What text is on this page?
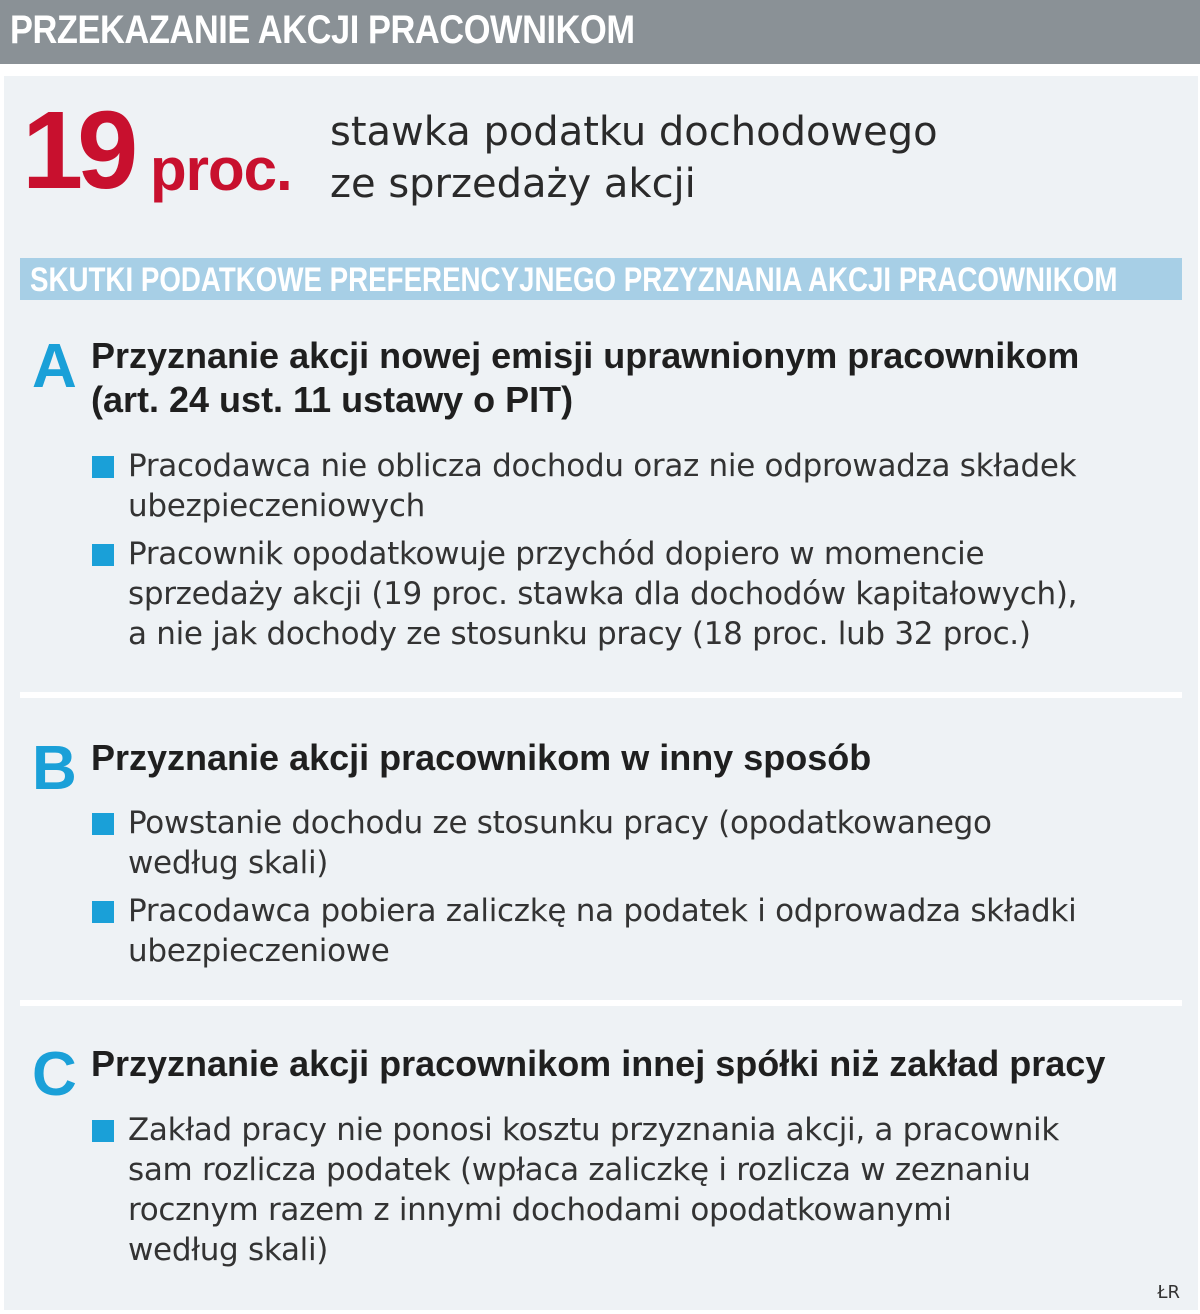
PRZEKAZANIE AKCJI PRACOWNIKOM
19 proc.
stawka podatku dochodowego
ze sprzedaży akcji
SKUTKI PODATKOWE PREFERENCYJNEGO PRZYZNANIA AKCJI PRACOWNIKOM
A Przyznanie akcji nowej emisji uprawnionym pracownikom
(art. 24 ust. 11 ustawy o PIT)
Pracodawca nie oblicza dochodu oraz nie odprowadza składek
ubezpieczeniowych
Pracownik opodatkowuje przychód dopiero w momencie
sprzedaży akcji (19 proc. stawka dla dochodów kapitałowych),
a nie jak dochody ze stosunku pracy (18 proc. lub 32 proc.)
B Przyznanie akcji pracownikom w inny sposób
Powstanie dochodu ze stosunku pracy (opodatkowanego
według skali)
Pracodawca pobiera zaliczkę na podatek i odprowadza składki
ubezpieczeniowe
C Przyznanie akcji pracownikom innej spółki niż zakład pracy
Zakład pracy nie ponosi kosztu przyznania akcji, a pracownik
sam rozlicza podatek (wpłaca zaliczkę i rozlicza w zeznaniu
rocznym razem z innymi dochodami opodatkowanymi
według skali)
ŁR
